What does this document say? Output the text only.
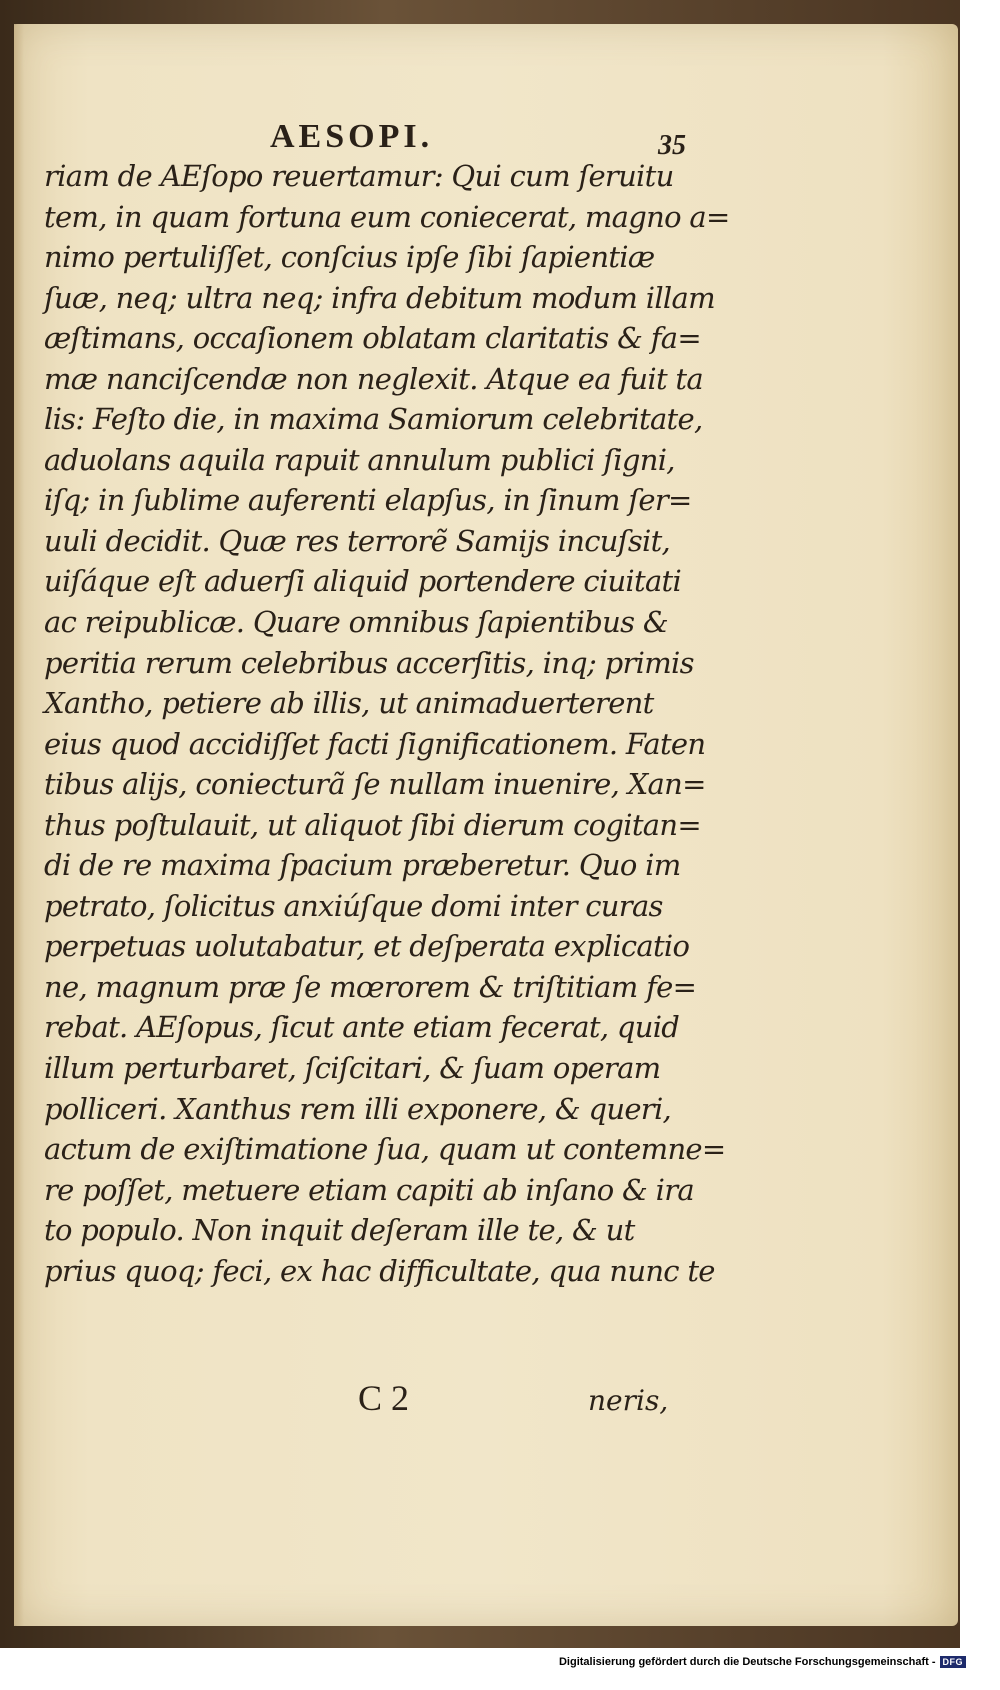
AESOPI.	35
riam de AEſopo reuertamur: Qui cum ſeruitu
tem, in quam fortuna eum coniecerat, magno a=
nimo pertuliſſet, conſcius ipſe ſibi ſapientiæ
ſuæ, neq; ultra neq; infra debitum modum illam
æſtimans, occaſionem oblatam claritatis & fa=
mæ nanciſcendæ non neglexit. Atque ea fuit ta
lis: Feſto die, in maxima Samiorum celebritate,
aduolans aquila rapuit annulum publici ſigni,
iſq; in ſublime auferenti elapſus, in ſinum ſer=
uuli decidit. Quæ res terrorẽ Samijs incuſsit,
uiſáque eſt aduerſi aliquid portendere ciuitati
ac reipublicæ. Quare omnibus ſapientibus &
peritia rerum celebribus accerſitis, inq; primis
Xantho, petiere ab illis, ut animaduerterent
eius quod accidiſſet facti ſignificationem. Faten
tibus alijs, coniecturã ſe nullam inuenire, Xan=
thus poſtulauit, ut aliquot ſibi dierum cogitan=
di de re maxima ſpacium præberetur. Quo im
petrato, ſolicitus anxiúſque domi inter curas
perpetuas uolutabatur, et deſperata explicatio
ne, magnum præ ſe mœrorem & triſtitiam fe=
rebat. AEſopus, ſicut ante etiam fecerat, quid
illum perturbaret, ſciſcitari, & ſuam operam
polliceri. Xanthus rem illi exponere, & queri,
actum de exiſtimatione ſua, quam ut contemne=
re poſſet, metuere etiam capiti ab inſano & ira
to populo. Non inquit deſeram ille te, & ut
prius quoq; feci, ex hac difficultate, qua nunc te
C 2	neris,
Digitalisierung gefördert durch die Deutsche Forschungsgemeinschaft - DFG
